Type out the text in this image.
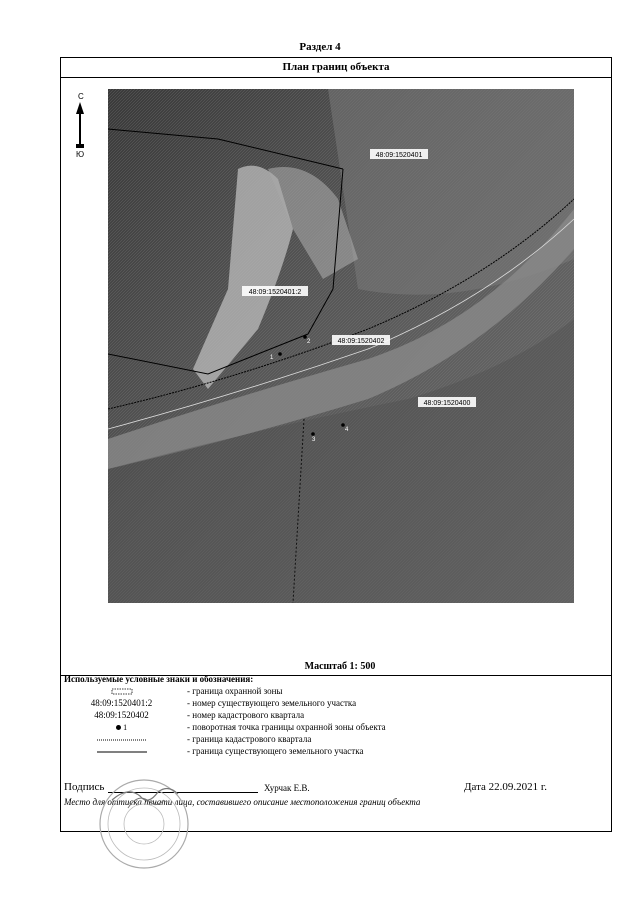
Раздел 4
План границ объекта
С
Ю	48:09:1520401
48:09:1520401:2
48:09:1520402
48:09:1520400
1
2
3
4
Масштаб 1: 500
Используемые условные знаки и обозначения:
- граница охранной зоны
48:09:1520401:2	- номер существующего земельного участка
48:09:1520402	- номер кадастрового квартала
1	- поворотная точка границы охранной зоны объекта
- граница кадастрового квартала
- граница существующего земельного участка
Подпись	Хурчак Е.В.	Дата 22.09.2021 г.
Место для оттиска печати лица, составившего описание местоположения границ объекта
